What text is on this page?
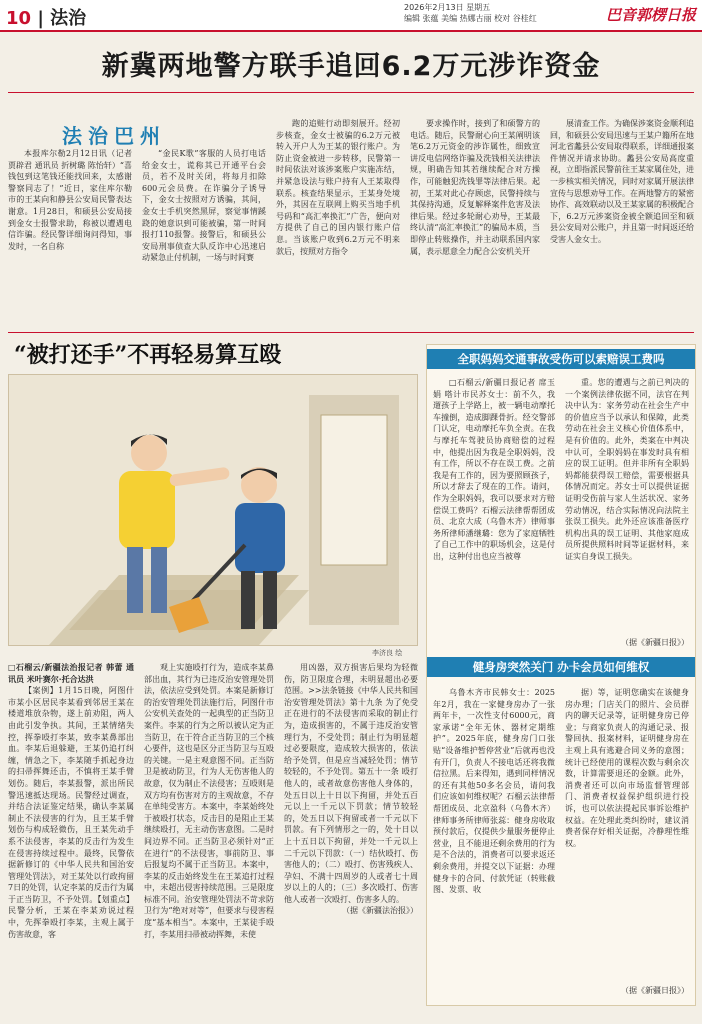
10 | 法治
2026年2月13日 星期五
编辑 张蕴 美编 热娜古丽 校对 谷桂红	巴音郭楞日报
新冀两地警方联手追回6.2万元涉诈资金
法治巴州

本报库尔勒2月12日讯（记者 贾辟君 通讯员 折树璐 陈怡轩）“喜钱包到这笔钱还能找回来，太感谢警察同志了！”近日，家住库尔勒市的王某向和静县公安局民警表达谢意。1月28日，和硕县公安局接到金女士报警求助，称被以遭遇电信诈骗。经民警详细询问得知，事发时，一名自称

“金民K歌”客服的人员打电话给金女士，谎称其已开通平台会员，若不及时关闭，将每月扣除600元会员费。在诈骗分子诱导下，金女士按照对方诱骗，其间，金女士手机突然黑屏，察觉事情蹊跷的她意识到可能被骗，第一时间报打110报警。接警后，和硕县公安局刑事侦查大队反诈中心迅速启动紧急止付机制，一场与时间赛

跑的追赃行动即刻展开。经初步核查，金女士被骗的6.2万元被转入开户人为王某的银行账户。为防止资金被进一步转移，民警第一时间依法对该涉案账户实施冻结，并紧急设法与账户持有人王某取得联系。核查结果显示，王某身处境外，其因在互联网上购买当地手机号码和“高汇率换汇”广告，便向对方提供了自己的国内银行账户信息。当该账户收到6.2万元不明来款后，按照对方指令

要求操作时，接到了和硕警方的电话。随后，民警耐心向王某阐明该笔6.2万元资金的涉诈属性，细致宣讲反电信网络诈骗及洗钱相关法律法规，明确告知其若继续配合对方操作，可能触犯洗钱罪等法律后果。起初，王某对此心存顾虑，民警持续与其保持沟通，反复解释案件危害及法律后果。经过多轮耐心劝导，王某最终认清“高汇率换汇”的骗局本质，当即停止转账操作，并主动联系国内家属，表示愿意全力配合公安机关开

展清查工作。为确保涉案资金顺利追回，和硕县公安局迅速与王某户籍所在地河北省蠡县公安局取得联系，详细通报案件情况并请求协助。蠡县公安局高度重视，立即指派民警前往王某家属住处，进一步核实相关情况，同时对家属开展法律宣传与思想劝导工作。在两地警方的紧密协作、高效联动以及王某家属的积极配合下，6.2万元涉案资金被全额追回至和硕县公安局对公账户，并且第一时间返还给受害人金女士。

“被打还手”不再轻易算互殴
李济良 绘

□石榴云/新疆法治报记者 韩蕾 通讯员 米叶赛尔·托合达洪

【案例】1月15日晚，阿图什市某小区居民李某看到邻居王某在楼道堆放杂物，遂上前劝阻，两人由此引发争执。其间，王某情绪失控，挥拳殴打李某，致李某鼻部出血。李某后退躲避，王某仍追打纠缠，情急之下，李某随手抓起身边的扫帚挥舞还击，不慎将王某手臂划伤。随后，李某报警，派出所民警迅速抵达现场。民警经过调查，并结合法证鉴定结果，确认李某属制止不法侵害的行为，且王某手臂划伤与构成轻微伤，且王某先动手系不法侵害，李某的反击行为发生在侵害持续过程中。最终，民警依据新修订的《中华人民共和国治安管理处罚法》，对王某处以行政拘留7日的处罚，认定李某的反击行为属于正当防卫，不予处罚。【划重点】民警分析，王某在李某劝说过程中，先挥拳殴打李某，主观上属于伤害故意，客

观上实施殴打行为，造成李某鼻部出血，其行为已违反治安管理处罚法，依法应受到处罚。本案是新修订的治安管理处罚法施行后，阿图什市公安机关查处的一起典型的正当防卫案件。李某的行为之所以被认定为正当防卫，在于符合正当防卫的三个核心要件，这也是区分正当防卫与互殴的关键。一是主观意图不同。正当防卫是被动防卫，行为人无伤害他人的故意，仅为制止不法侵害；互殴则是双方均有伤害对方的主观故意，不存在单纯受害方。本案中，李某始终处于被殴打状态，反击目的是阻止王某继续殴打，无主动伤害意图。二是时间边界不同。正当防卫必须针对“正在进行”的不法侵害，事前防卫、事后报复均不属于正当防卫。本案中，李某的反击始终发生在王某追打过程中，未超出侵害持续范围。三是限度标准不同。治安管理处罚法不苛求防卫行为“绝对对等”，但要求与侵害程度“基本相当”。本案中，王某徒手殴打，李某用扫帚被动挥舞，未使

用凶器，双方损害后果均为轻微伤，防卫限度合理，未明显超出必要范围。>>法条链接《中华人民共和国治安管理处罚法》第十九条 为了免受正在进行的不法侵害而采取的制止行为，造成损害的，不属于违反治安管理行为，不受处罚；制止行为明显超过必要限度，造成较大损害的，依法给予处罚，但是应当减轻处罚；情节较轻的，不予处罚。第五十一条 殴打他人的，或者故意伤害他人身体的，处五日以上十日以下拘留，并处五百元以上一千元以下罚款；情节较轻的，处五日以下拘留或者一千元以下罚款。有下列情形之一的，处十日以上十五日以下拘留，并处一千元以上二千元以下罚款：（一）结伙殴打、伤害他人的；（二）殴打、伤害残疾人、孕妇、不满十四周岁的人或者七十周岁以上的人的；（三）多次殴打、伤害他人或者一次殴打、伤害多人的。

（据《新疆法治报》）

全职妈妈交通事故受伤可以索赔误工费吗

□石榴云/新疆日报记者 席玉娟 嗒计市民苏女士：前不久，我遛孩子上学路上，被一辆电动摩托车撞倒，造成脚踝骨折。经交警部门认定，电动摩托车负全责。在我与摩托车驾驶员协商赔偿的过程中，他提出因为我是全职妈妈，没有工作，所以不存在误工费。之前我是有工作的，因为要照顾孩子，所以才辞去了现在的工作。请问，作为全职妈妈，我可以要求对方赔偿误工费吗？石榴云法律帮帮团成员、北京大成（乌鲁木齐）律师事务所律师潘继璐：您为了家庭牺牲了自己工作中的职场机会，这是付出，这种付出也应当被尊

重。您的遭遇与之前已判决的一个案例法律依据不同，法官在判决中认为：家务劳动在社会生产中的价值应当予以承认和保障，此类劳动在社会主义核心价值体系中，是有价值的。此外，类案在中判决中认可，全职妈妈在事发时具有相应的误工证明。但并非所有全职妈妈都能获得误工赔偿，需要根据具体情况而定。苏女士可以提供证据证明受伤前与家人生活状况、家务劳动情况，结合实际情况向法院主张误工损失。此外还应该准备医疗机构出具的误工证明、其他家庭成员所提供照料时间等证据材料，来证实自身误工损失。

（据《新疆日报》）

健身房突然关门 办卡会员如何维权

乌鲁木齐市民韩女士：2025年2月，我在一家健身房办了一张两年卡，一次性支付6000元，商家承诺“全年无休、器材定期维护”。2025年底，健身房门口张贴“设备维护暂停营业”后就再也没有开门，负责人不接电话还将我微信拉黑。后来得知，遇到同样情况的还有其他50多名会员，请问我们应该如何维权呢？石榴云法律帮帮团成员、北京盈科（乌鲁木齐）律师事务所律师张蕊：健身房收取预付款后，仅提供少量服务便停止营业，且不能退还剩余费用的行为是不合法的，消费者可以要求返还剩余费用，并提交以下证据：办理健身卡的合同、付款凭证（转账截图、发票、收

据）等，证明您确实在该健身房办理；门店关门的照片、会员群内的聊天记录等，证明健身房已停业；与商家负责人的沟通记录、报警回执、报案材料，证明健身房在主观上具有逃避合同义务的意图；统计已经使用的课程次数与剩余次数，计算需要退还的金额。此外，消费者还可以向市场监督管理部门、消费者权益保护组织进行投诉，也可以依法提起民事诉讼维护权益。在处理此类纠纷时，建议消费者保存好相关证据，冷静理性维权。

（据《新疆日报》）
